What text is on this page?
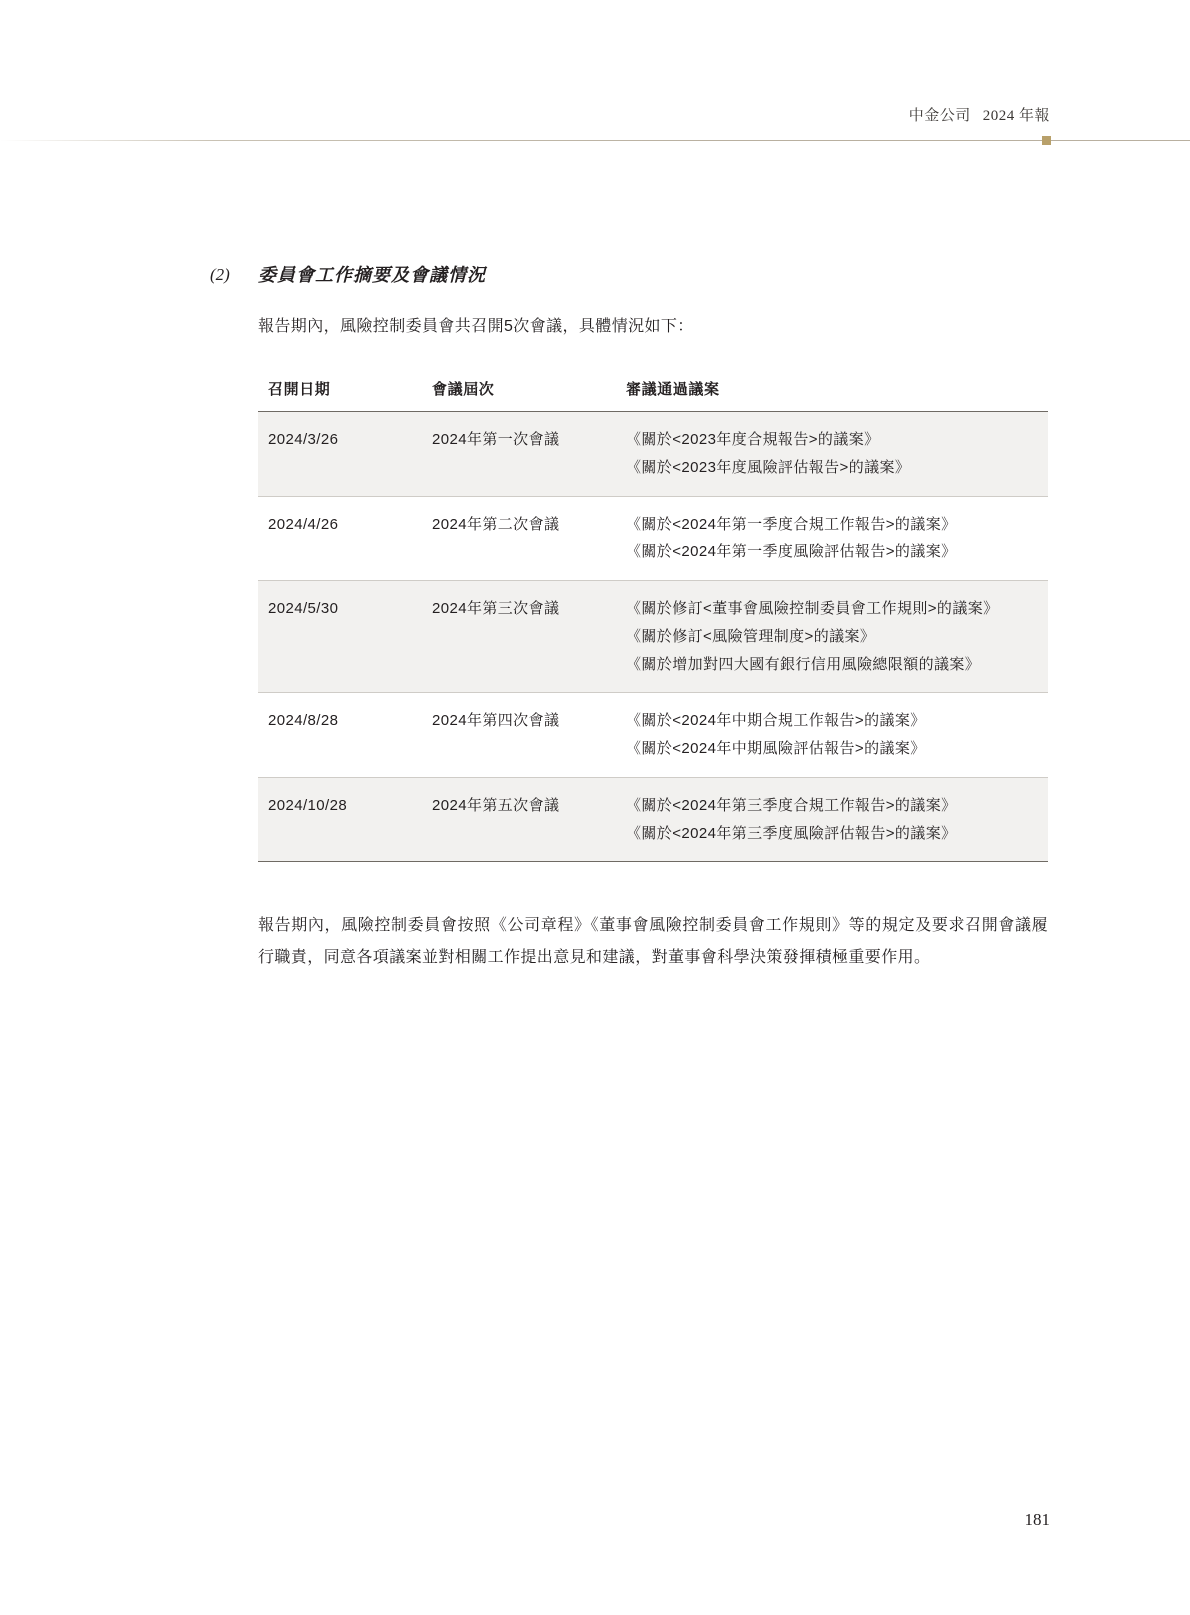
中金公司 2024 年報
(2)	委員會工作摘要及會議情況
報告期內，風險控制委員會共召開5次會議，具體情況如下：
召開日期	會議屆次	審議通過議案
2024/3/26	2024年第一次會議	《關於<2023年度合規報告>的議案》
《關於<2023年度風險評估報告>的議案》

2024/4/26	2024年第二次會議	《關於<2024年第一季度合規工作報告>的議案》
《關於<2024年第一季度風險評估報告>的議案》

2024/5/30	2024年第三次會議	《關於修訂<董事會風險控制委員會工作規則>的議案》
《關於修訂<風險管理制度>的議案》
《關於增加對四大國有銀行信用風險總限額的議案》

2024/8/28	2024年第四次會議	《關於<2024年中期合規工作報告>的議案》
《關於<2024年中期風險評估報告>的議案》

2024/10/28	2024年第五次會議	《關於<2024年第三季度合規工作報告>的議案》
《關於<2024年第三季度風險評估報告>的議案》
報告期內，風險控制委員會按照《公司章程》《董事會風險控制委員會工作規則》等的規定及要求召開會議履行職責，同意各項議案並對相關工作提出意見和建議，對董事會科學決策發揮積極重要作用。
181
